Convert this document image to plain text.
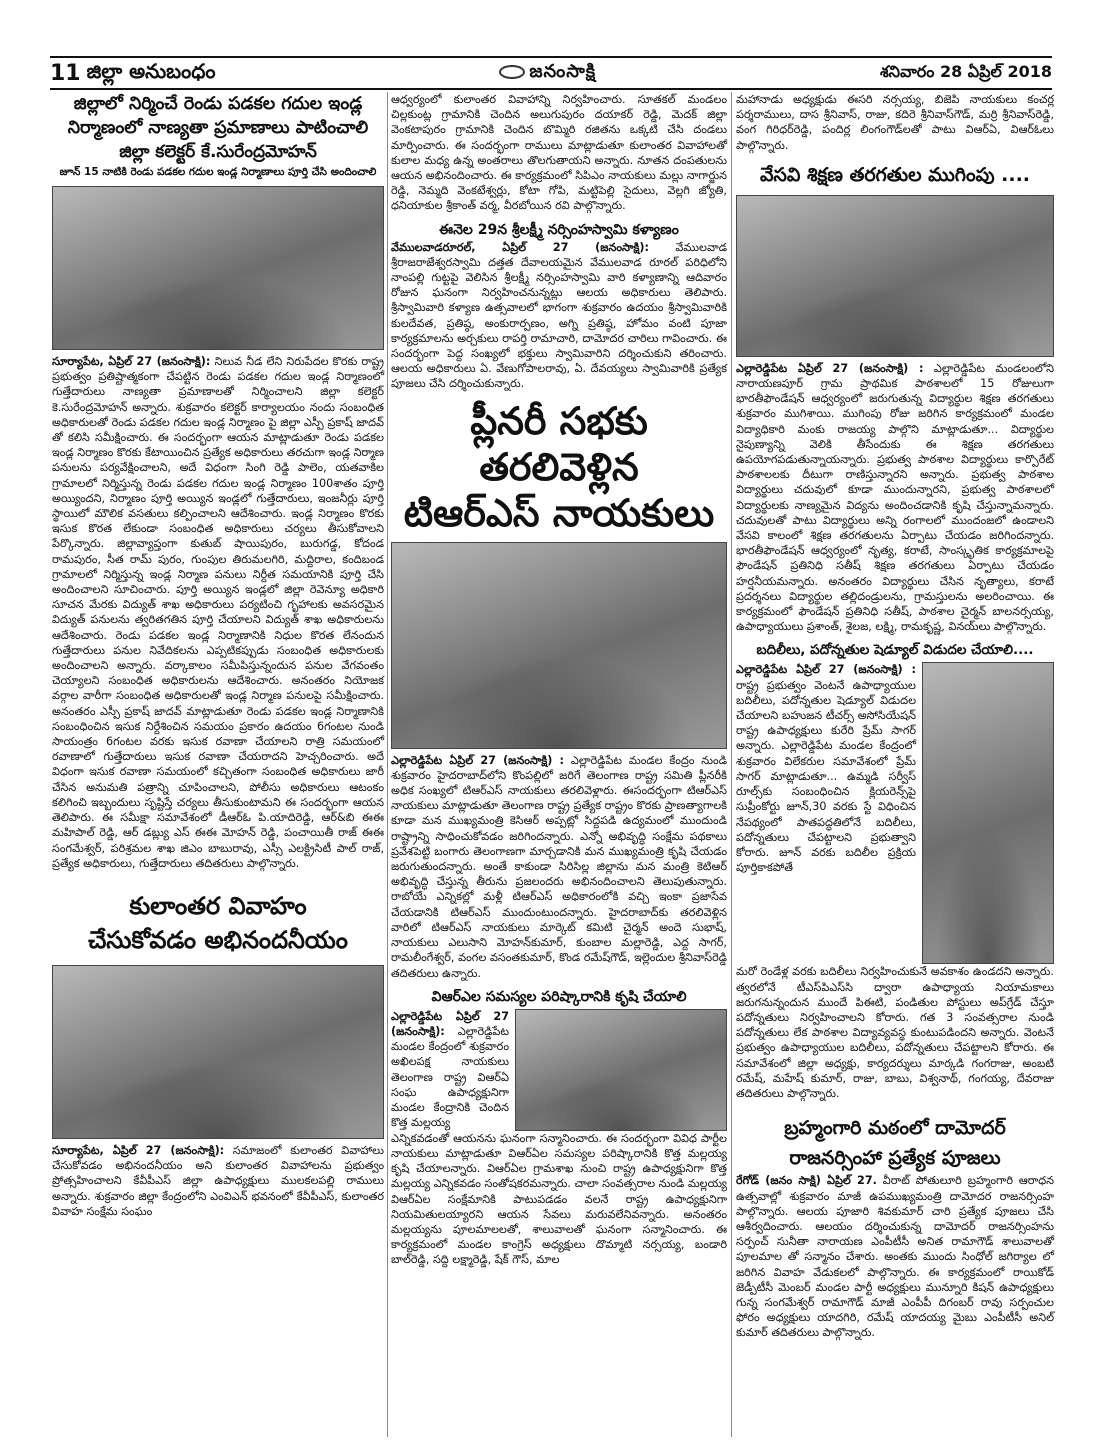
11 జిల్లా అనుబంధం	జనంసాక్షి	శనివారం 28 ఏప్రిల్ 2018

జిల్లాలో నిర్మించే రెండు పడకల గదుల ఇండ్ల

నిర్మాణంలో నాణ్యతా ప్రమాణాలు పాటించాలి

జిల్లా కలెక్టర్ కే.సురేంద్రమోహన్

జూన్ 15 నాటికి రెండు పడకల గదుల ఇండ్ల నిర్మాణాలు పూర్తి చేసి అందించాలి

సూర్యాపేట, ఏప్రిల్ 27 (జనంసాక్షి): నిలువ నీడ లేని నిరుపేదల కొరకు రాష్ట్ర ప్రభుత్వం ప్రతిష్టాత్మకంగా చేపట్టిన రెండు పడకల గదుల ఇండ్ల నిర్మాణంలో గుత్తేదారులు నాణ్యతా ప్రమాణాలతో నిర్మించాలని జిల్లా కలెక్టర్ కె.సురేంద్రమోహన్ అన్నారు. శుక్రవారం కలెక్టర్ కార్యాలయం నందు సంబంధిత అధికారులతో రెండు పడకల గదుల ఇండ్ల నిర్మాణం పై జిల్లా ఎస్పీ ప్రకాష్ జాదవ్ తో కలిసి సమీక్షించారు. ఈ సందర్భంగా ఆయన మాట్లాడుతూ రెండు పడకల ఇండ్ల నిర్మాణం కొరకు కేటాయించిన ప్రత్యేక అధికారులు తరచుగా ఇండ్ల నిర్మాణ పనులను పర్యవేక్షించాలని, అదే విధంగా సింగి రెడ్డి పాలెం, యతవాకిల గ్రామాలలో నిర్మిస్తున్న రెండు పడకల గదుల ఇండ్ల నిర్మాణం 100శాతం పూర్తి అయ్యిందని, నిర్మాణం పూర్తి అయ్యిన ఇండ్లలో గుత్తేదారులు, ఇంజనీర్లు పూర్తి స్థాయిలో మౌలిక వసతులు కల్పించాలని ఆదేశించారు. ఇండ్ల నిర్మాణం కొరకు ఇసుక కొరత లేకుండా సంబంధిత అధికారులు చర్యలు తీసుకోవాలని పేర్కొన్నారు. జిల్లావ్యాప్తంగా కుతుబ్ షాయిపురం, బురుగడ్డ, కోదండ రామపురం, సీత రామ్ పురం, గుంపుల తిరుమలగిరి, మద్దిరాల, కందిబండ గ్రామాలలో నిర్మిస్తున్న ఇండ్ల నిర్మాణ పనులు నిర్దీత సమయానికి పూర్తి చేసి అందించాలని సూచించారు. పూర్తి అయ్యిన ఇండ్లలో జిల్లా రెవెన్యూ అధికారి సూచన మేరకు విద్యుత్ శాఖ అధికారులు పర్యటించి గృహాలకు అవసరమైన విద్యుత్ పనులను త్వరితగతిన పూర్తి చేయాలని విద్యుత్ శాఖ అధికారులను ఆదేశించారు. రెండు పడకల ఇండ్ల నిర్మాణానికి నిధుల కొరత లేనందున గుత్తేదారులు పనుల నివేదికలను ఎప్పటికప్పుడు సంబంధిత అధికారులకు అందించాలని అన్నారు. వర్కాకాలం సమీపిస్తున్నందున పనుల వేగవంతం చెయ్యాలని సంబంధిత అధికారులను ఆదేశించారు. అనంతరం నియోజక వర్గాల వారీగా సంబంధిత అధికారులతో ఇండ్ల నిర్మాణ పనులపై సమీక్షించారు. అనంతరం ఎస్పీ ప్రకాష్ జాదవ్ మాట్లాడుతూ రెండు పడకల ఇండ్ల నిర్మాణానికి సంబంధించిన ఇసుక నిర్దేశించిన సమయం ప్రకారం ఉదయం 6గంటల నుండి సాయంత్రం 6గంటల వరకు ఇసుక రవాణా చేయాలని రాత్రి సమయంలో రవాణాలో గుత్తేదారులు ఇసుక రవాణా చేయరాదని హెచ్చరించారు. అదే విధంగా ఇసుక రవాణా సమయంలో కచ్చితంగా సంబంధిత అధికారులు జారీ చేసిన అనుమతి పత్రాన్ని చూపించాలని, పోలీసు అధికారులు ఆటంకం కలిగించి ఇబ్బందులు సృష్టిస్తే చర్యలు తీసుకుంటామని ఈ సందర్భంగా ఆయన తెలిపారు. ఈ సమీక్షా సమావేశంలో డీఆర్ఓ పి.యాదిరెడ్డి, ఆర్&బి ఈఈ మహిపాల్ రెడ్డి, ఆర్ డబ్ల్యు ఎస్ ఈఈ మోహన్ రెడ్డి, పంచాయితీ రాజ్ ఈఈ సంగమేశ్వర్, పరిశ్రమల శాఖ జిఎం బాబురావు, ఎస్సీ ఎలక్ట్రిసిటీ పాల్ రాజ్, ప్రత్యేక అధికారులు, గుత్తేదారులు తదితరులు పాల్గొన్నారు.

కులాంతర వివాహం

చేసుకోవడం అభినందనీయం

సూర్యాపేట, ఏప్రిల్ 27 (జనంసాక్షి): సమాజంలో కులాంతర వివాహాలు చేసుకోవడం అభినందనీయం అని కులాంతర వివాహాలను ప్రభుత్వం ప్రోత్సహించాలని కేవీపీఎస్ జిల్లా ఉపాధ్యక్షులు ములకలపల్లి రాములు అన్నారు. శుక్రవారం జిల్లా కేంద్రంలోని ఎంవిఎన్ భవనంలో కేవీపీఎస్, కులాంతర వివాహ సంక్షేమ సంఘం

ఆధ్వర్యంలో కులాంతర వివాహాన్ని నిర్వహించారు. సూతకల్ మండలం చిల్లకుంట్ల గ్రామానికి చెందిన అలుగుపురం దయాకర్ రెడ్డి, మెదక్ జిల్లా వెంకటాపురం గ్రామానికి చెందిన బొమ్మిరి రజితను ఒక్కటి చేసి దండలు మార్పించారు. ఈ సందర్భంగా రాములు మాట్లాడుతూ కులాంతర వివాహాలతో కులాల మధ్య ఉన్న అంతరాలు తొలగుతాయని అన్నారు. నూతన దంపతులను ఆయన అభినందించారు. ఈ కార్యక్రమంలో సిపిఎం నాయకులు మల్లు నాగార్జున రెడ్డి, నెమ్మది వెంకటేశ్వర్లు, కోటా గోపి, మట్టిపెల్లి సైదులు, వెల్లగి జ్యోతి, ధనియాకుల శ్రీకాంత్ వర్మ, వీరబోయిన రవి పాల్గొన్నారు.

ఈనెల 29న శ్రీలక్ష్మీ నర్సింహస్వామి కళ్యాణం

వేములవాడరూరల్, ఏప్రిల్ 27 (జనంసాక్షి): వేములవాడ శ్రీరాజరాజేశ్వరస్వామి దత్తత దేవాలయమైన వేములవాడ రూరల్ పరిధిలోని నాంపల్లి గుట్టపై వెలిసిన శ్రీలక్ష్మీ నర్సింహస్వామి వారి కళ్యాణాన్ని ఆదివారం రోజున ఘనంగా నిర్వహించనున్నట్లు ఆలయ అధికారులు తెలిపారు. శ్రీస్వామివారి కళ్యాణ ఉత్సవాలలో భాగంగా శుక్రవారం ఉదయం శ్రీస్వామివారికి కులదేవత, ప్రతిష్ఠ, అంకురార్పణం, అగ్ని ప్రతిష్ఠ, హోమం వంటి పూజా కార్యక్రమాలను అర్చకులు రాపర్తి రామాచారి, దామోదర చారిలు గావించారు. ఈ సందర్భంగా పెద్ద సంఖ్యలో భక్తులు స్వామివారిని దర్శించుకుని తరించారు. ఆలయ అధికారులు ఏ. వేణుగోపాలరావు, ఏ. దేవయ్యలు స్వామివారికి ప్రత్యేక పూజలు చేసి దర్శించుకున్నారు.

ప్లీనరీ సభకు తరలివెళ్లిన

టిఆర్ఎస్ నాయకులు

ఎల్లారెడ్డిపేట ఏప్రిల్ 27 (జనంసాక్షి) : ఎల్లారెడ్డిపేట మండల కేంద్రం నుండి శుక్రవారం హైదరాబాద్‌లోని కొంపల్లిలో జరిగే తెలంగాణ రాష్ట్ర సమితి ప్లీనరీకి అధిక సంఖ్యలో టిఆర్ఎస్ నాయకులు తరలివెళ్లారు. ఈసందర్భంగా టిఆర్ఎస్ నాయకులు మాట్లాడుతూ తెలంగాణ రాష్ట్ర ప్రత్యేక రాష్ట్రం కొరకు ప్రాణత్యాగాలకి కూడా మన ముఖ్యమంత్రి కెసిఆర్ అప్పట్లో సిద్దపడి ఉద్యమంలో ముందుండి రాష్ట్రాన్ని సాధించుకోవడం జరిగిందన్నారు. ఎన్నో అభివృద్ధి సంక్షేమ పథకాలు ప్రవేశపెట్టి బంగారు తెలంగాణగా మార్చడానికి మన ముఖ్యమంత్రి కృషి చేయడం జరుగుతుందన్నారు. అంతే కాకుండా సిరిసిల్ల జిల్లాను మన మంత్రి కెటిఆర్ అభివృద్ధి చేస్తున్న తీరును ప్రజలందరు అభినందించాలని తెలుపుతున్నారు. రాబోయే ఎన్నికల్లో మళ్లీ టిఆర్ఎస్ అధికారంలోకి వచ్చి ఇంకా ప్రజాసేవ చేయడానికి టిఆర్ఎస్ ముందుంటుందన్నారు. హైదరాబాద్‌కు తరలివెళ్లిన వారిలో టిఆర్ఎస్ నాయకులు మార్కెట్ కమిటి చైర్మన్ అందె సుభాష్, నాయకులు ఎలుసాని మోహన్‌కుమార్, కుంబాల మల్లారెడ్డి, ఎద్ద సాగర్, రామలీంగేశ్వర్, వంగల వసంతకుమార్, కొండ రమేష్‌గౌడ్, ఇల్లెందుల శ్రీనివాస్‌రెడ్డి తదితరులు ఉన్నారు.

విఆర్ఎల సమస్యల పరిష్కారానికి కృషి చేయాలి

ఎల్లారెడ్డిపేట ఏప్రిల్ 27 (జనంసాక్షి): ఎల్లారెడ్డిపేట మండల కేంద్రంలో శుక్రవారం అఖిలపక్ష నాయకులు తెలంగాణ రాష్ట్ర విఆర్ఏ సంఘ ఉపాధ్యక్షునిగా మండల కేంద్రానికి చెందిన కొత్త మల్లయ్య

ఎన్నికవడంతో ఆయనను ఘనంగా సన్మానించారు. ఈ సందర్భంగా వివిధ పార్టీల నాయకులు మాట్లాడుతూ విఆర్ఏల సమస్యల పరిష్కారానికి కొత్త మల్లయ్య కృషి చేయాలన్నారు. విఆర్ఏల గ్రామశాఖ నుంచి రాష్ట్ర ఉపాధ్యక్షునిగా కొత్త మల్లయ్య ఎన్నికవడం సంతోషకరమన్నారు. చాలా సంవత్సరాల నుండి మల్లయ్య విఆర్ఏల సంక్షేమానికి పాటుపడడం వలనే రాష్ట్ర ఉపాధ్యక్షునిగా నియమితులయ్యారని ఆయన సేవలు మరువలేనివన్నారు. అనంతరం మల్లయ్యను పూలమాలలతో, శాలువాలతో ఘనంగా సన్మానించారు. ఈ కార్యక్రమంలో మండల కాంగ్రెస్ అధ్యక్షులు దొమ్మాటి నర్సయ్య, బండారి బాల్‌రెడ్డి, సద్ది లక్ష్మారెడ్డి, షేక్ గౌస్, మాల

మహానాడు అధ్యక్షుడు ఈసరి నర్సయ్య, బిజెపి నాయకులు కంచర్ల పర్శరాములు, దాస శ్రీనివాస్, రాజు, కదిరె శ్రీనివాస్‌గౌడ్, మర్రి శ్రీనివాస్‌రెడ్డి, వంగ గిరిధర్‌రెడ్డి, పందిర్ల లింగంగౌడ్‌లతో పాటు విఆర్ఏ, విఆర్ఓలు పాల్గొన్నారు.

వేసవి శిక్షణ తరగతుల ముగింపు ....

ఎల్లారెడ్డిపేట ఏప్రిల్ 27 (జనంసాక్షి) : ఎల్లారెడ్డిపేట మండలంలోని నారాయణపూర్ గ్రామ ప్రాథమిక పాఠశాలలో 15 రోజులుగా భారతీఫౌండేషన్ ఆధ్వర్యంలో జరుగుతున్న విద్యార్థుల శిక్షణ తరగతులు శుక్రవారం ముగిశాయి. ముగింపు రోజు జరిగిన కార్యక్రమంలో మండల విద్యాధికారి మంకు రాజయ్య పాల్గొని మాట్లాడుతూ... విద్యార్థుల నైపుణ్యాన్ని వెలికి తీసేందుకు ఈ శిక్షణ తరగతులు ఉపయోగపడుతున్నాయన్నారు. ప్రభుత్వ పాఠశాల విద్యార్థులు కార్పొరేట్ పాఠశాలలకు దీటుగా రాణిస్తున్నారని అన్నారు. ప్రభుత్వ పాఠశాల విద్యార్థులు చదువులో కూడా ముందున్నారని, ప్రభుత్వ పాఠశాలలో విద్యార్థులకు నాణ్యమైన విద్యను అందించడానికి కృషి చేస్తున్నామన్నారు. చదువులతో పాటు విద్యార్థులు అన్ని రంగాలలో ముందంజలో ఉండాలని వేసవి కాలంలో శిక్షణ తరగతులను ఏర్పాటు చేయడం జరిగిందన్నారు. భారతీఫౌండేషన్ ఆధ్వర్యంలో నృత్య, కరాటే, సాంస్కృతిక కార్యక్రమాలపై ఫౌండేషన్ ప్రతినిధి సతీష్ శిక్షణ తరగతులు ఏర్పాటు చేయడం హర్షనీయమన్నారు. అనంతరం విద్యార్థులు చేసిన నృత్యాలు, కరాటే ప్రదర్శనలు విద్యార్థుల తల్లిదండ్రులను, గ్రామస్తులను అలరించాయి. ఈ కార్యక్రమంలో ఫౌండేషన్ ప్రతినిధి సతీష్, పాఠశాల చైర్మన్ బాలనర్సయ్య, ఉపాధ్యాయులు ప్రశాంత్, శైలజ, లక్ష్మి, రామకృష్ణ, వినయ్‌లు పాల్గొన్నారు.

బదిలీలు, పదోన్నతుల షెడ్యూల్ విడుదల చేయాలి....

ఎల్లారెడ్డిపేట ఏప్రిల్ 27 (జనంసాక్షి) : రాష్ట్ర ప్రభుత్వం వెంటనే ఉపాధ్యాయుల బదిలీలు, పదోన్నతుల షెడ్యూల్ విడుదల చేయాలని బహుజన టీచర్స్ అసోసియేషన్ రాష్ట్ర ఉపాధ్యక్షులు కురేరి ప్రేమ్ సాగర్ అన్నారు. ఎల్లారెడ్డిపేట మండల కేంద్రంలో శుక్రవారం విలేకరుల సమావేశంలో ప్రేమ్ సాగర్ మాట్లాడుతూ... ఉమ్మడి సర్వీస్ రూల్స్‌కు సంబంధించిన క్లియరెన్స్‌పై సుప్రీంకోర్టు జూన్,30 వరకు స్టే విధించిన నేపథ్యంలో పాతపద్ధతిలోనే బదిలీలు, పదోన్నతులు చేపట్టాలని ప్రభుత్వాని కోరారు. జూన్ వరకు బదిలీల ప్రక్రియ పూర్తికాకపోతే

మరో రెండేళ్ల వరకు బదిలీలు నిర్వహించుకునే అవకాశం ఉండదని అన్నారు. త్వరలోనే టీఎస్‌పిఎస్‌సి ద్వారా ఉపాధ్యాయ నియామకాలు జరుగనున్నందున ముందే పిఈటి, పండితుల పోస్టులు అప్‌గ్రేడ్ చేస్తూ పదోన్నతులు నిర్వహించాలని కోరారు. గత 3 సంవత్సరాల నుండి పదోన్నతులు లేక పాఠశాల విద్యావ్యవస్థ కుంటుపడిందని అన్నారు. వెంటనే ప్రభుత్వం ఉపాధ్యాయుల బదిలీలు, పదోన్నతులు చేపట్టాలని కోరారు. ఈ సమావేశంలో జిల్లా అధ్యక్షు, కార్యదర్శులు మార్కడి గంగరాజు, అంబటి రమేష్, మహేష్ కుమార్, రాజు, బాబు, విశ్వనాథ్, గంగయ్య, దేవరాజు తదితరులు పాల్గొన్నారు.

బ్రహ్మంగారి మఠంలో దామోదర్

రాజనర్సింహా ప్రత్యేక పూజలు

రేగోడ్ (జనం సాక్షి) ఏప్రిల్ 27. వీరాట్ పోతులూరి బ్రహ్మంగారి ఆరాధన ఉత్సవాల్లో శుక్రవారం మాజీ ఉపముఖ్యమంత్రి దామోదర రాజనర్సింహ పాల్గొన్నారు. ఆలయ పూజారి శివకుమార్ చారి ప్రత్యేక పూజలు చేసి ఆశీర్వదించారు. ఆలయం దర్శించుకున్న దామోదర్ రాజనర్సింహను సర్పంచ్ సునీతా నారాయణ ఎంపీటీసీ అనిత రామాగౌడ్ శాలువాలతో పూలమాల తో సన్మానం చేశారు. అంతకు ముందు సింధోల్ జగిర్యాల లో జరిగిన వివాహ వేడుకలలో పాల్గొన్నారు. ఈ కార్యక్రమంలో రాయికోడ్ జెడ్పీటీసీ మెంబర్ మండల పార్టీ అధ్యక్షులు మున్నూరి కిషన్ ఉపాధ్యక్షులు గున్న సంగమేశ్వర్ రామాగౌడ్ మాజీ ఎంపీపీ దిగంబర్ రావు సర్పంచుల ఫోరం అధ్యక్షులు యాదగిరి, రమేష్ యాదయ్య మైబు ఎంపీటీసీ అనిల్ కుమార్ తదితరులు పాల్గొన్నారు.
